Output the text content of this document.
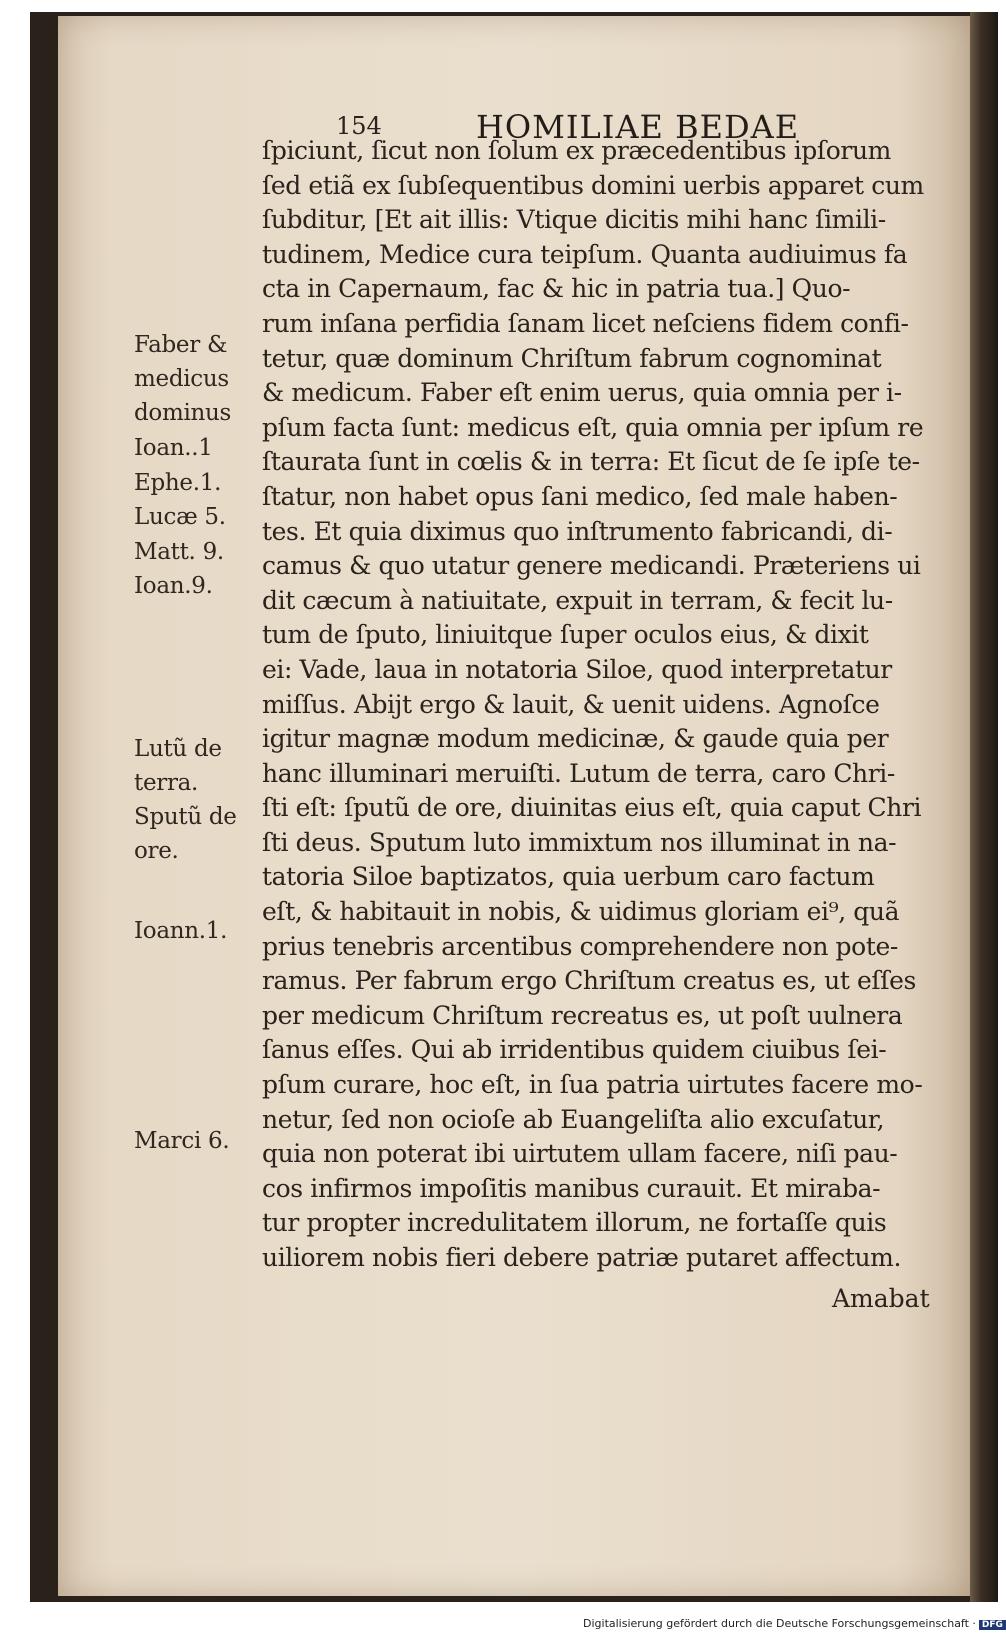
154	HOMILIAE BEDAE
Faber &
medicus
dominus
Ioan..1
Ephe.1.
Lucæ 5.
Matt. 9.
Ioan.9.
Lutũ de
terra.
Sputũ de
ore.
Ioann.1.
Marci 6.
ſpiciunt, ſicut non ſolum ex præcedentibus ipſorum
ſed etiã ex ſubſequentibus domini uerbis apparet cum
ſubditur, [Et ait illis: Vtique dicitis mihi hanc ſimili-
tudinem, Medice cura teipſum. Quanta audiuimus fa
cta in Capernaum, fac & hic in patria tua.] Quo-
rum inſana perfidia ſanam licet neſciens fidem confi-
tetur, quæ dominum Chriſtum fabrum cognominat
& medicum. Faber eſt enim uerus, quia omnia per i-
pſum facta ſunt: medicus eſt, quia omnia per ipſum re
ſtaurata ſunt in cœlis & in terra: Et ſicut de ſe ipſe te-
ſtatur, non habet opus ſani medico, ſed male haben-
tes. Et quia diximus quo inſtrumento fabricandi, di-
camus & quo utatur genere medicandi. Præteriens ui
dit cæcum à natiuitate, expuit in terram, & fecit lu-
tum de ſputo, liniuitque ſuper oculos eius, & dixit
ei: Vade, laua in notatoria Siloe, quod interpretatur
miſſus. Abijt ergo & lauit, & uenit uidens. Agnoſce
igitur magnæ modum medicinæ, & gaude quia per
hanc illuminari meruiſti. Lutum de terra, caro Chri-
ſti eſt: ſputũ de ore, diuinitas eius eſt, quia caput Chri
ſti deus. Sputum luto immixtum nos illuminat in na-
tatoria Siloe baptizatos, quia uerbum caro factum
eſt, & habitauit in nobis, & uidimus gloriam ei⁹, quã
prius tenebris arcentibus comprehendere non pote-
ramus. Per fabrum ergo Chriſtum creatus es, ut eſſes
per medicum Chriſtum recreatus es, ut poſt uulnera
ſanus eſſes. Qui ab irridentibus quidem ciuibus ſei-
pſum curare, hoc eſt, in ſua patria uirtutes facere mo-
netur, ſed non ocioſe ab Euangeliſta alio excuſatur,
quia non poterat ibi uirtutem ullam facere, niſi pau-
cos infirmos impoſitis manibus curauit. Et miraba-
tur propter incredulitatem illorum, ne fortaſſe quis
uiliorem nobis fieri debere patriæ putaret affectum.
Amabat
Digitalisierung gefördert durch die Deutsche Forschungsgemeinschaft · DFG
